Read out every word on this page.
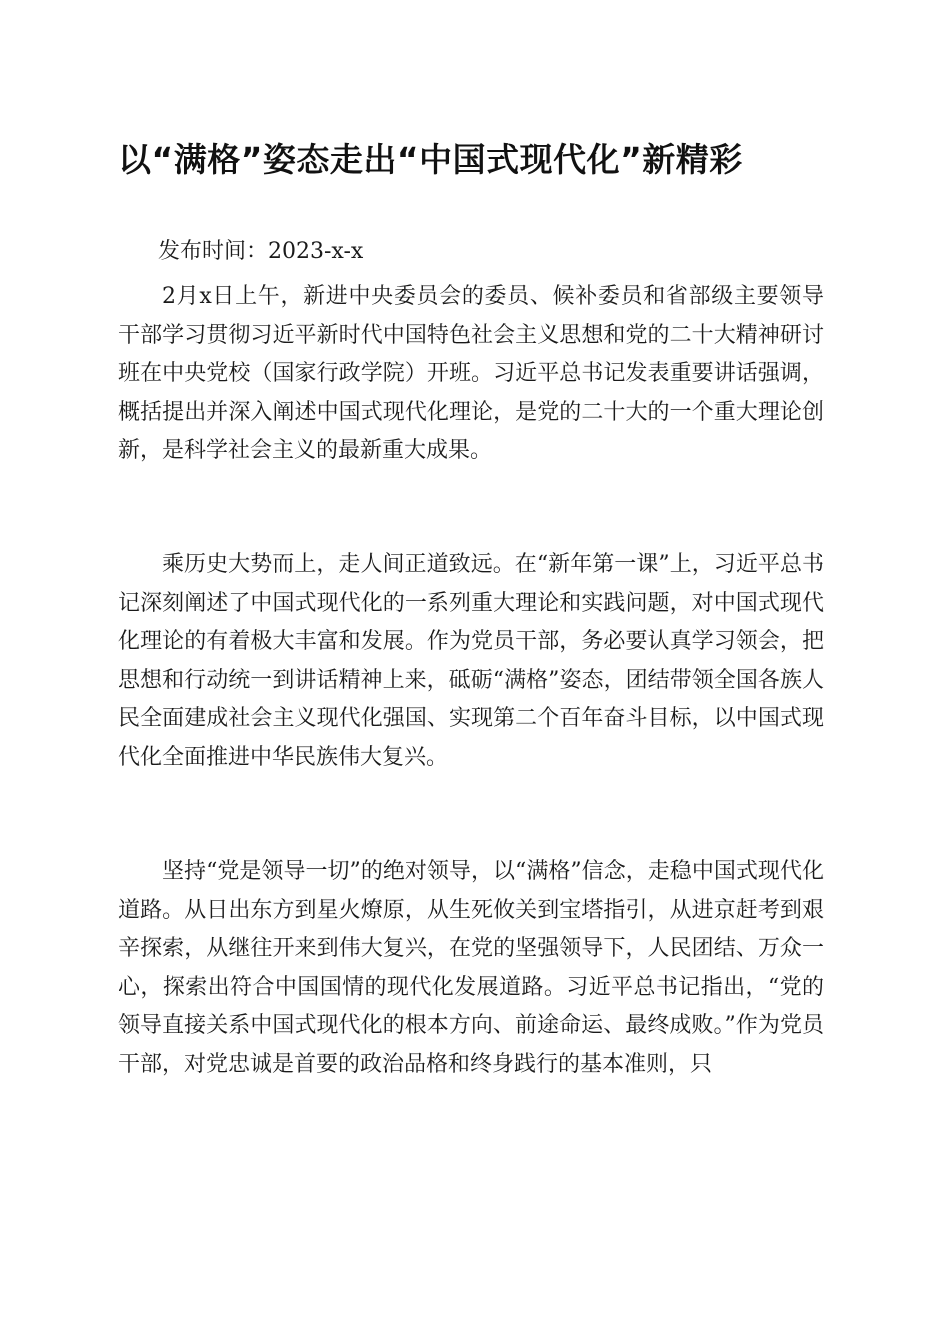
以“满格”姿态走出“中国式现代化”新精彩

发布时间：2023-x-x

2月x日上午，新进中央委员会的委员、候补委员和省部级主要领导干部学习贯彻习近平新时代中国特色社会主义思想和党的二十大精神研讨班在中央党校（国家行政学院）开班。习近平总书记发表重要讲话强调，概括提出并深入阐述中国式现代化理论，是党的二十大的一个重大理论创新，是科学社会主义的最新重大成果。

乘历史大势而上，走人间正道致远。在“新年第一课”上，习近平总书记深刻阐述了中国式现代化的一系列重大理论和实践问题，对中国式现代化理论的有着极大丰富和发展。作为党员干部，务必要认真学习领会，把思想和行动统一到讲话精神上来，砥砺“满格”姿态，团结带领全国各族人民全面建成社会主义现代化强国、实现第二个百年奋斗目标，以中国式现代化全面推进中华民族伟大复兴。

坚持“党是领导一切”的绝对领导，以“满格”信念，走稳中国式现代化道路。从日出东方到星火燎原，从生死攸关到宝塔指引，从进京赶考到艰辛探索，从继往开来到伟大复兴，在党的坚强领导下，人民团结、万众一心，探索出符合中国国情的现代化发展道路。习近平总书记指出，“党的领导直接关系中国式现代化的根本方向、前途命运、最终成败。”作为党员干部，对党忠诚是首要的政治品格和终身践行的基本准则，只
